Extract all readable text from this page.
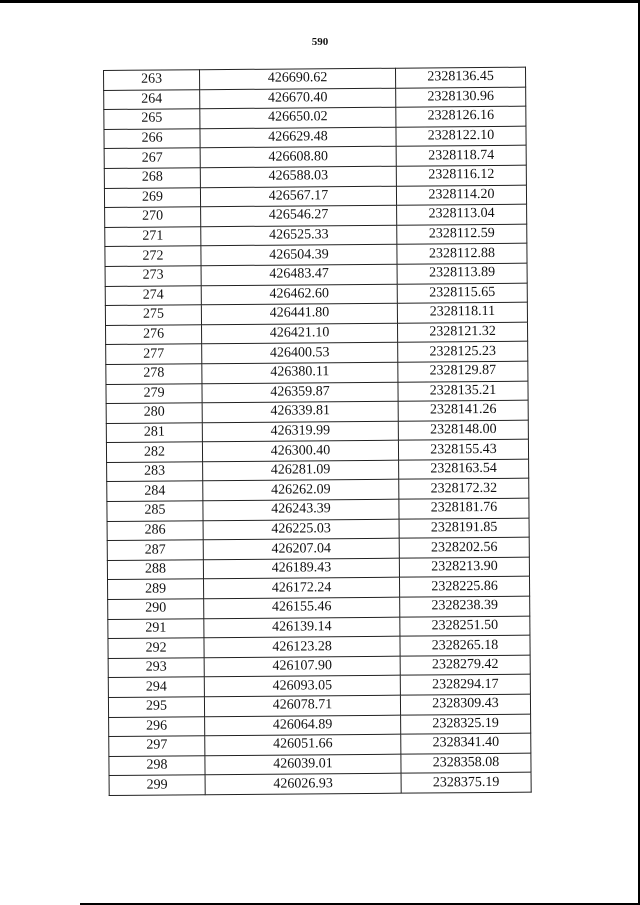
590
263	426690.62	2328136.45
264	426670.40	2328130.96
265	426650.02	2328126.16
266	426629.48	2328122.10
267	426608.80	2328118.74
268	426588.03	2328116.12
269	426567.17	2328114.20
270	426546.27	2328113.04
271	426525.33	2328112.59
272	426504.39	2328112.88
273	426483.47	2328113.89
274	426462.60	2328115.65
275	426441.80	2328118.11
276	426421.10	2328121.32
277	426400.53	2328125.23
278	426380.11	2328129.87
279	426359.87	2328135.21
280	426339.81	2328141.26
281	426319.99	2328148.00
282	426300.40	2328155.43
283	426281.09	2328163.54
284	426262.09	2328172.32
285	426243.39	2328181.76
286	426225.03	2328191.85
287	426207.04	2328202.56
288	426189.43	2328213.90
289	426172.24	2328225.86
290	426155.46	2328238.39
291	426139.14	2328251.50
292	426123.28	2328265.18
293	426107.90	2328279.42
294	426093.05	2328294.17
295	426078.71	2328309.43
296	426064.89	2328325.19
297	426051.66	2328341.40
298	426039.01	2328358.08
299	426026.93	2328375.19
